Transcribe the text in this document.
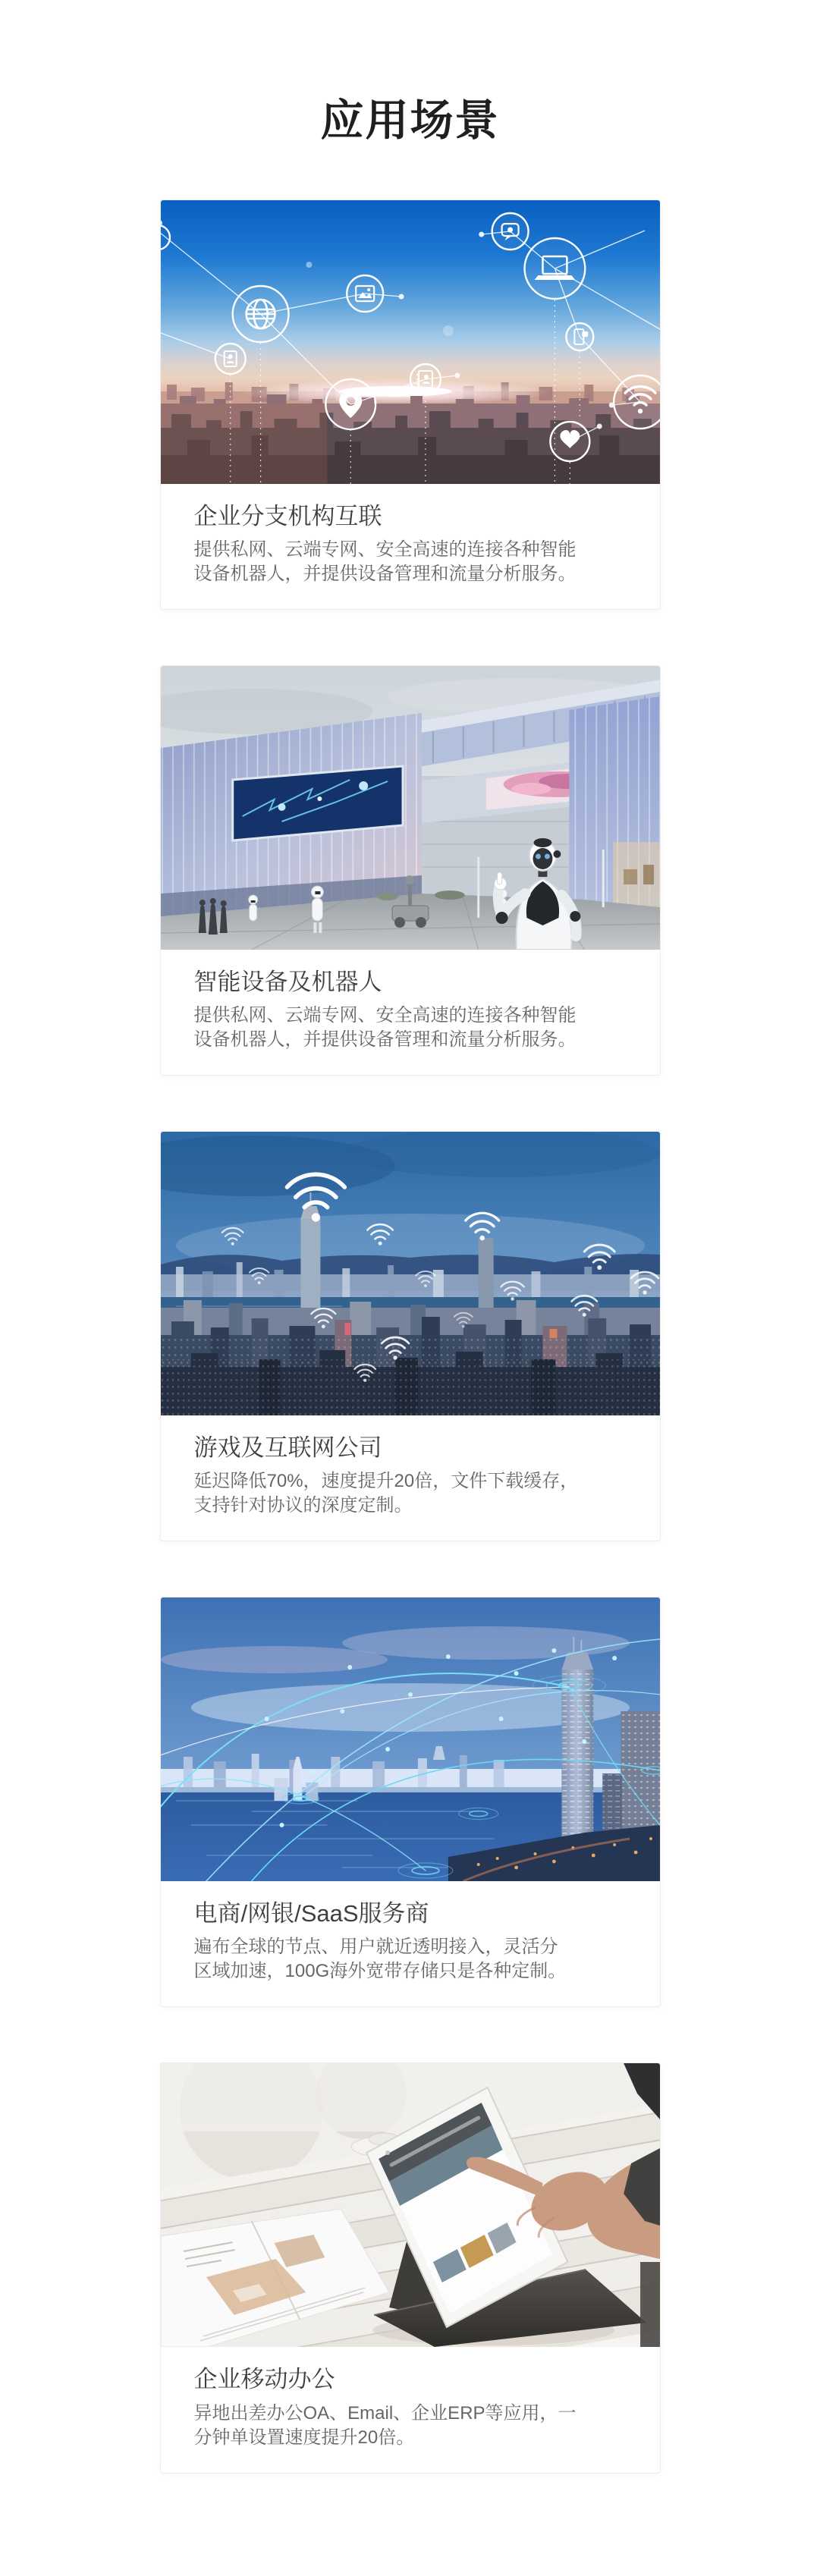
应用场景
企业分支机构互联

提供私网、云端专网、安全高速的连接各种智能
设备机器人，并提供设备管理和流量分析服务。

智能设备及机器人

提供私网、云端专网、安全高速的连接各种智能
设备机器人，并提供设备管理和流量分析服务。

游戏及互联网公司

延迟降低70%，速度提升20倍，文件下载缓存，
支持针对协议的深度定制。

电商/网银/SaaS服务商

遍布全球的节点、用户就近透明接入，灵活分
区域加速，100G海外宽带存储只是各种定制。

企业移动办公

异地出差办公OA、Email、企业ERP等应用，一
分钟单设置速度提升20倍。
